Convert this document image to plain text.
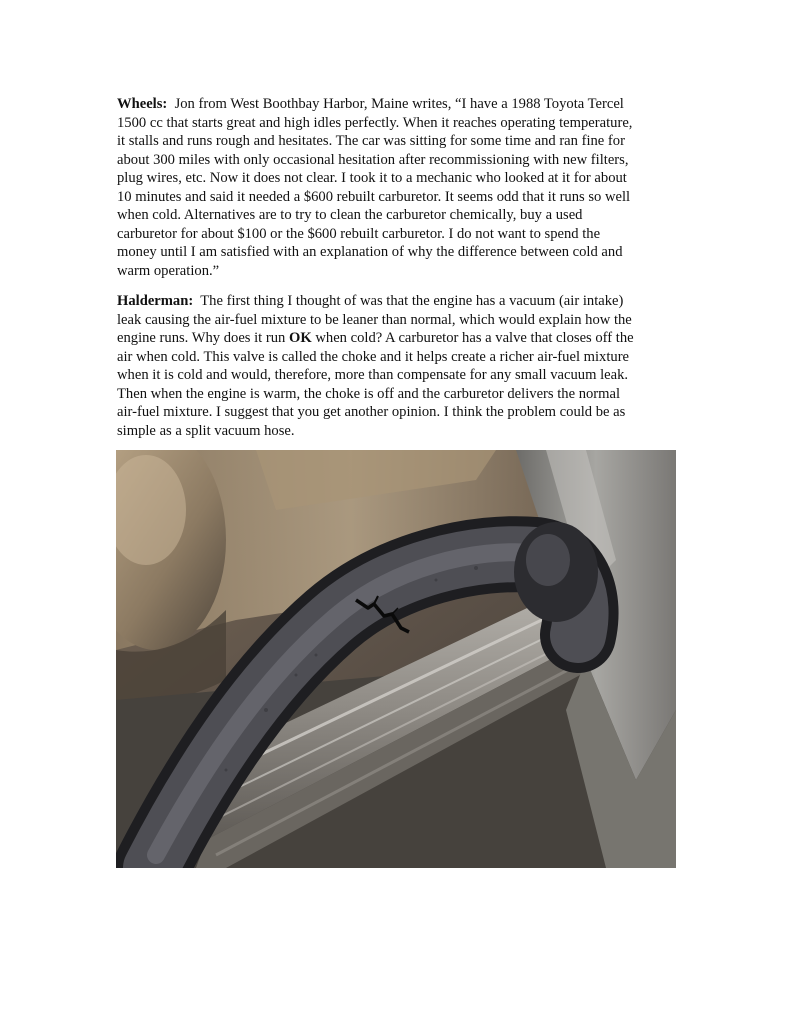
Wheels: Jon from West Boothbay Harbor, Maine writes, “I have a 1988 Toyota Tercel
1500 cc that starts great and high idles perfectly. When it reaches operating temperature,
it stalls and runs rough and hesitates. The car was sitting for some time and ran fine for
about 300 miles with only occasional hesitation after recommissioning with new filters,
plug wires, etc. Now it does not clear. I took it to a mechanic who looked at it for about
10 minutes and said it needed a $600 rebuilt carburetor. It seems odd that it runs so well
when cold. Alternatives are to try to clean the carburetor chemically, buy a used
carburetor for about $100 or the $600 rebuilt carburetor. I do not want to spend the
money until I am satisfied with an explanation of why the difference between cold and
warm operation.”

Halderman: The first thing I thought of was that the engine has a vacuum (air intake)
leak causing the air-fuel mixture to be leaner than normal, which would explain how the
engine runs. Why does it run OK when cold? A carburetor has a valve that closes off the
air when cold. This valve is called the choke and it helps create a richer air-fuel mixture
when it is cold and would, therefore, more than compensate for any small vacuum leak.
Then when the engine is warm, the choke is off and the carburetor delivers the normal
air-fuel mixture. I suggest that you get another opinion. I think the problem could be as
simple as a split vacuum hose.
